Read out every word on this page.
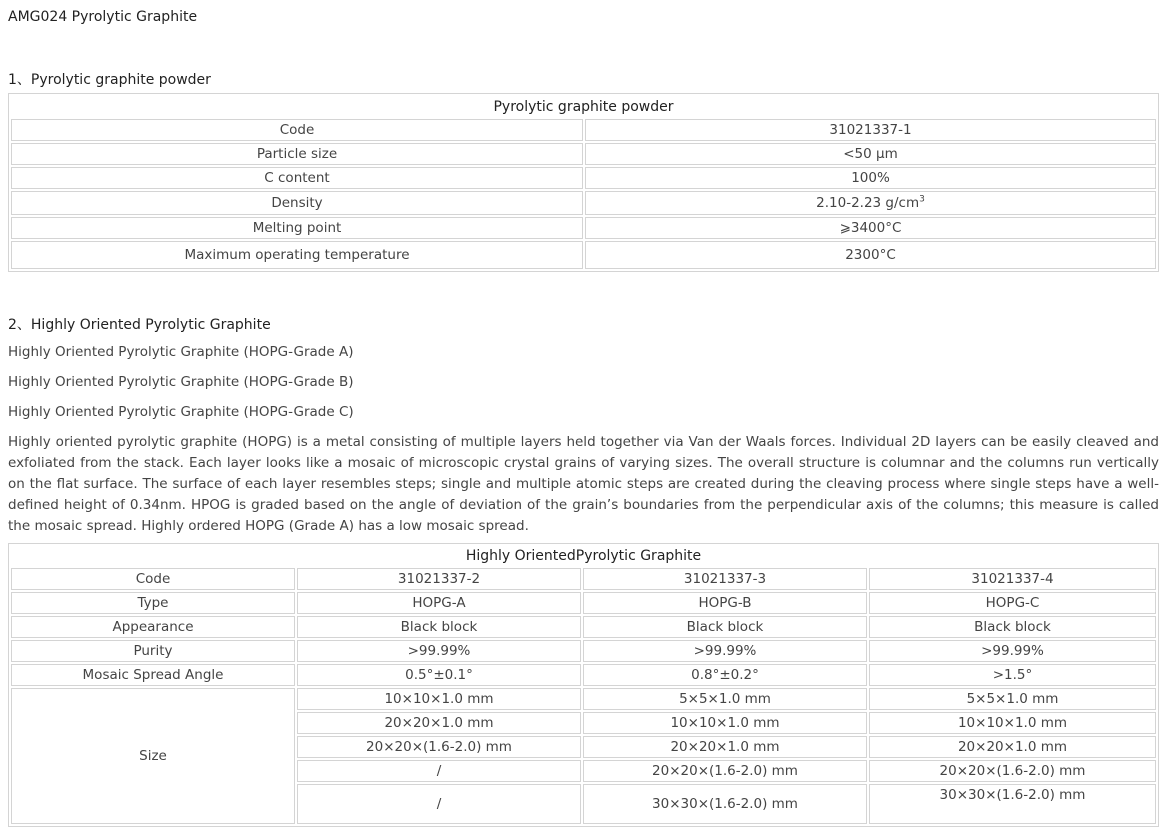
AMG024 Pyrolytic Graphite
1、Pyrolytic graphite powder
Pyrolytic graphite powder	
Code	31021337-1
Particle size	<50 μm
C content	100%
Density	2.10-2.23 $g/cm^3$
Melting point	⩾3400°C
Maximum operating temperature	2300°C
2、Highly Oriented Pyrolytic Graphite
Highly Oriented Pyrolytic Graphite (HOPG-Grade A)
Highly Oriented Pyrolytic Graphite (HOPG-Grade B)
Highly Oriented Pyrolytic Graphite (HOPG-Grade C)
Highly oriented pyrolytic graphite (HOPG) is a metal consisting of multiple layers held together via Van der Waals forces. Individual 2D layers can be easily cleaved and exfoliated from the stack. Each layer looks like a mosaic of microscopic crystal grains of varying sizes. The overall structure is columnar and the columns run vertically on the flat surface. The surface of each layer resembles steps; single and multiple atomic steps are created during the cleaving process where single steps have a well-defined height of 0.34nm. HPOG is graded based on the angle of deviation of the grain’s boundaries from the perpendicular axis of the columns; this measure is called the mosaic spread. Highly ordered HOPG (Grade A) has a low mosaic spread.
Highly OrientedPyrolytic Graphite			
Code	31021337-2	31021337-3	31021337-4
Type	HOPG-A	HOPG-B	HOPG-C
Appearance	Black block	Black block	Black block
Purity	>99.99%	>99.99%	>99.99%
Mosaic Spread Angle	0.5°±0.1°	0.8°±0.2°	>1.5°
Size	10×10×1.0 mm	5×5×1.0 mm	5×5×1.0 mm
	20×20×1.0 mm	10×10×1.0 mm	10×10×1.0 mm
	20×20×(1.6-2.0) mm	20×20×1.0 mm	20×20×1.0 mm
	/	20×20×(1.6-2.0) mm	20×20×(1.6-2.0) mm
	/	30×30×(1.6-2.0) mm	30×30×(1.6-2.0) mm
